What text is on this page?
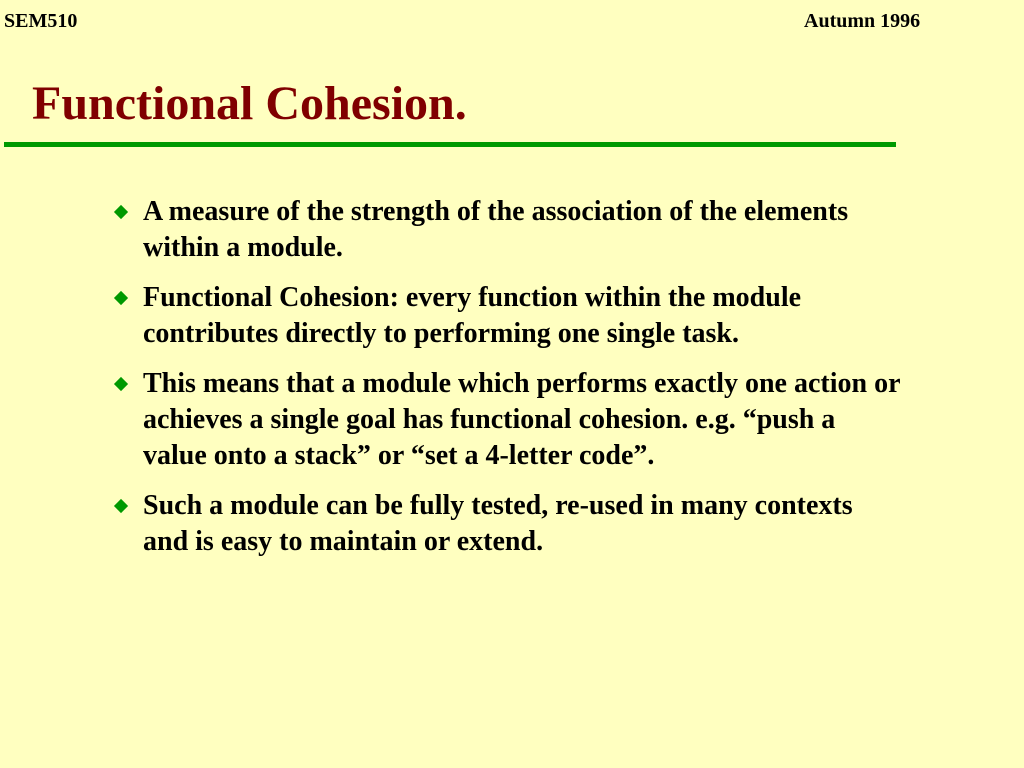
SEM510	Autumn 1996
Functional Cohesion.
A measure of the strength of the association of the elements within a module.
Functional Cohesion: every function within the module contributes directly to performing one single task.
This means that a module which performs exactly one action or achieves a single goal has functional cohesion. e.g. “push a value onto a stack” or “set a 4-letter code”.
Such a module can be fully tested, re-used in many contexts and is easy to maintain or extend.
